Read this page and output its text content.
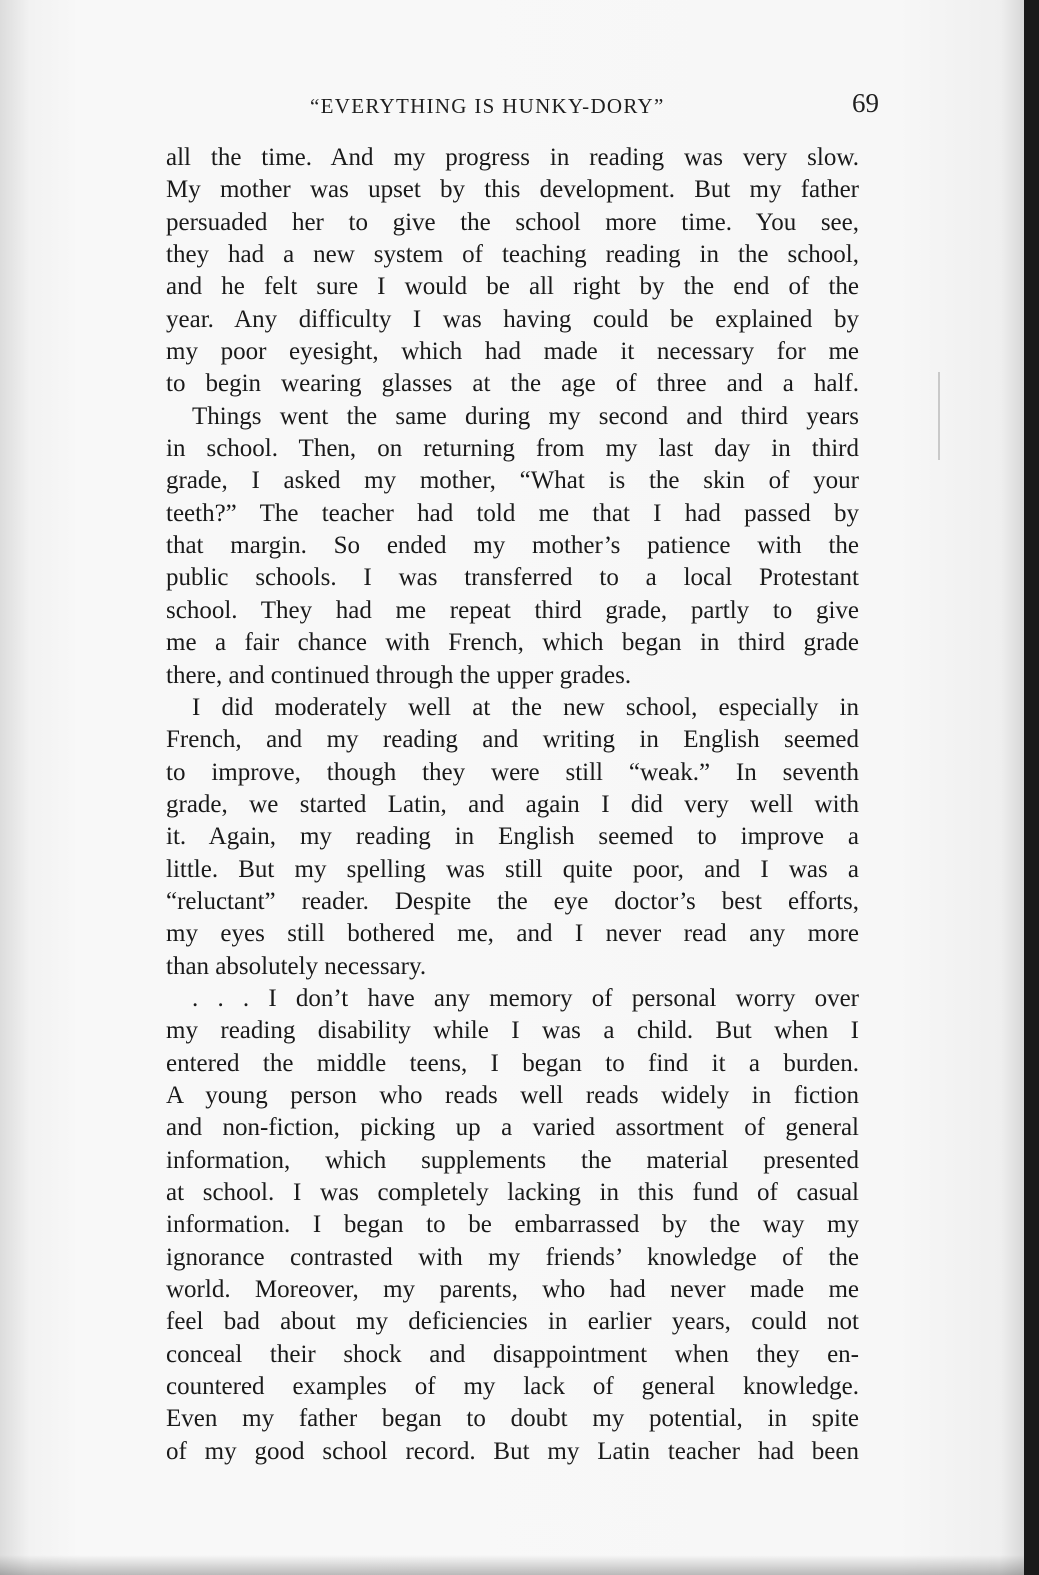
“EVERYTHING IS HUNKY-DORY”	69
all the time. And my progress in reading was very slow.
My mother was upset by this development. But my father
persuaded her to give the school more time. You see,
they had a new system of teaching reading in the school,
and he felt sure I would be all right by the end of the
year. Any difficulty I was having could be explained by
my poor eyesight, which had made it necessary for me
to begin wearing glasses at the age of three and a half.
Things went the same during my second and third years
in school. Then, on returning from my last day in third
grade, I asked my mother, “What is the skin of your
teeth?” The teacher had told me that I had passed by
that margin. So ended my mother’s patience with the
public schools. I was transferred to a local Protestant
school. They had me repeat third grade, partly to give
me a fair chance with French, which began in third grade
there, and continued through the upper grades.
I did moderately well at the new school, especially in
French, and my reading and writing in English seemed
to improve, though they were still “weak.” In seventh
grade, we started Latin, and again I did very well with
it. Again, my reading in English seemed to improve a
little. But my spelling was still quite poor, and I was a
“reluctant” reader. Despite the eye doctor’s best efforts,
my eyes still bothered me, and I never read any more
than absolutely necessary.
. . . I don’t have any memory of personal worry over
my reading disability while I was a child. But when I
entered the middle teens, I began to find it a burden.
A young person who reads well reads widely in fiction
and non-fiction, picking up a varied assortment of general
information, which supplements the material presented
at school. I was completely lacking in this fund of casual
information. I began to be embarrassed by the way my
ignorance contrasted with my friends’ knowledge of the
world. Moreover, my parents, who had never made me
feel bad about my deficiencies in earlier years, could not
conceal their shock and disappointment when they en-
countered examples of my lack of general knowledge.
Even my father began to doubt my potential, in spite
of my good school record. But my Latin teacher had been
